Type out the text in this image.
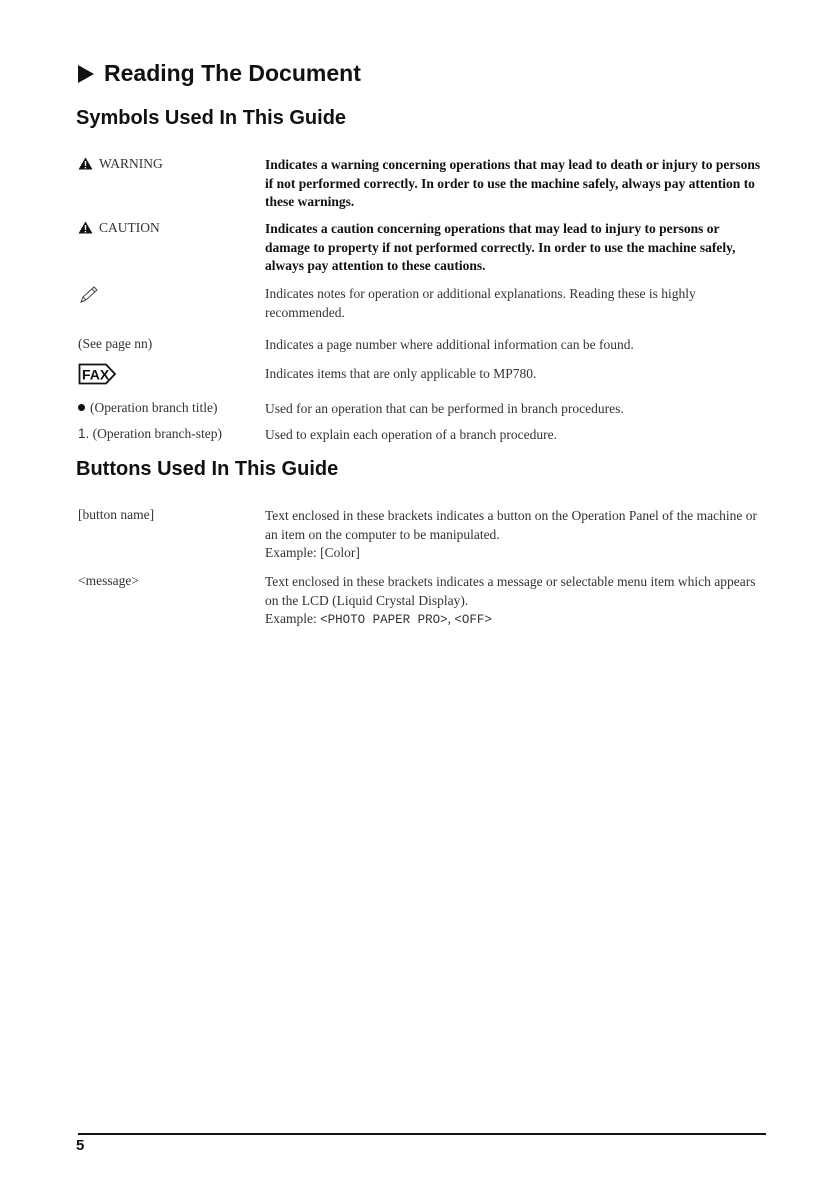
Reading The Document
Symbols Used In This Guide
WARNING	Indicates a warning concerning operations that may lead to death or injury to persons if not performed correctly. In order to use the machine safely, always pay attention to these warnings.
CAUTION	Indicates a caution concerning operations that may lead to injury to persons or damage to property if not performed correctly. In order to use the machine safely, always pay attention to these cautions.
Indicates notes for operation or additional explanations. Reading these is highly recommended.
(See page nn)	Indicates a page number where additional information can be found.
FAX	Indicates items that are only applicable to MP780.
(Operation branch title)	Used for an operation that can be performed in branch procedures.
1. (Operation branch-step)	Used to explain each operation of a branch procedure.
Buttons Used In This Guide
[button name]	Text enclosed in these brackets indicates a button on the Operation Panel of the machine or an item on the computer to be manipulated.
Example: [Color]
<message>	Text enclosed in these brackets indicates a message or selectable menu item which appears on the LCD (Liquid Crystal Display).
Example: <PHOTO PAPER PRO>, <OFF>
5
